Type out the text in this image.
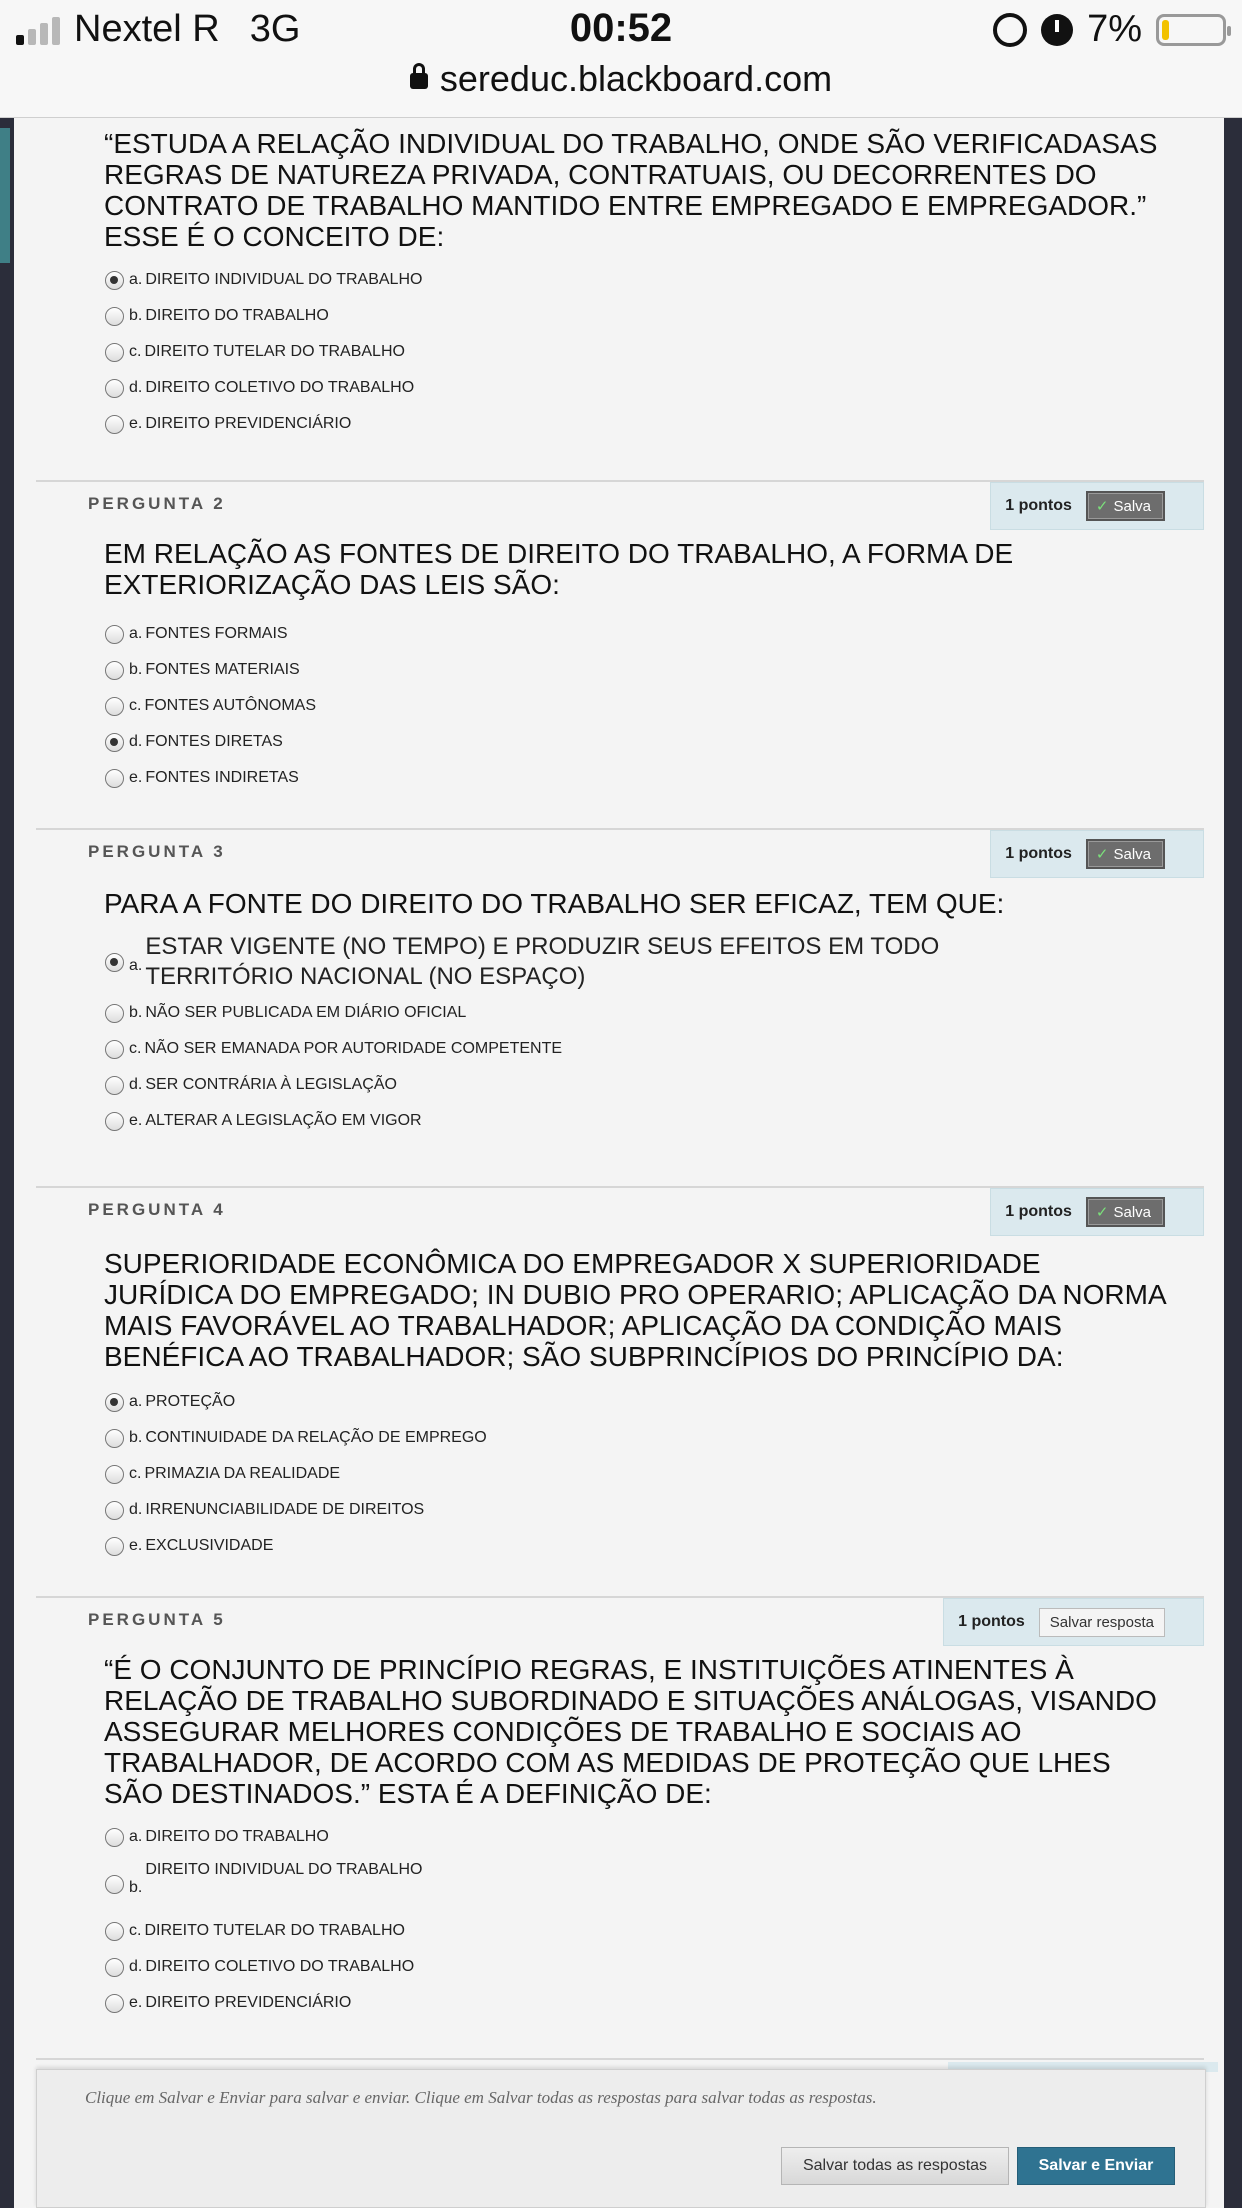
Nextel R 3G	00:52	7%
sereduc.blackboard.com
“ESTUDA A RELAÇÃO INDIVIDUAL DO TRABALHO, ONDE SÃO VERIFICADASAS REGRAS DE NATUREZA PRIVADA, CONTRATUAIS, OU DECORRENTES DO CONTRATO DE TRABALHO MANTIDO ENTRE EMPREGADO E EMPREGADOR.” ESSE É O CONCEITO DE:
a. DIREITO INDIVIDUAL DO TRABALHO
b. DIREITO DO TRABALHO
c. DIREITO TUTELAR DO TRABALHO
d. DIREITO COLETIVO DO TRABALHO
e. DIREITO PREVIDENCIÁRIO
PERGUNTA 2	1 pontos	✓ Salva
EM RELAÇÃO AS FONTES DE DIREITO DO TRABALHO, A FORMA DE EXTERIORIZAÇÃO DAS LEIS SÃO:
a. FONTES FORMAIS
b. FONTES MATERIAIS
c. FONTES AUTÔNOMAS
d. FONTES DIRETAS
e. FONTES INDIRETAS
PERGUNTA 3	1 pontos	✓ Salva
PARA A FONTE DO DIREITO DO TRABALHO SER EFICAZ, TEM QUE:
a.
ESTAR VIGENTE (NO TEMPO) E PRODUZIR SEUS EFEITOS EM TODO TERRITÓRIO NACIONAL (NO ESPAÇO)
b. NÃO SER PUBLICADA EM DIÁRIO OFICIAL
c. NÃO SER EMANADA POR AUTORIDADE COMPETENTE
d. SER CONTRÁRIA À LEGISLAÇÃO
e. ALTERAR A LEGISLAÇÃO EM VIGOR
PERGUNTA 4	1 pontos	✓ Salva
SUPERIORIDADE ECONÔMICA DO EMPREGADOR X SUPERIORIDADE JURÍDICA DO EMPREGADO; IN DUBIO PRO OPERARIO; APLICAÇÃO DA NORMA MAIS FAVORÁVEL AO TRABALHADOR; APLICAÇÃO DA CONDIÇÃO MAIS BENÉFICA AO TRABALHADOR; SÃO SUBPRINCÍPIOS DO PRINCÍPIO DA:
a. PROTEÇÃO
b. CONTINUIDADE DA RELAÇÃO DE EMPREGO
c. PRIMAZIA DA REALIDADE
d. IRRENUNCIABILIDADE DE DIREITOS
e. EXCLUSIVIDADE
PERGUNTA 5	1 pontos	Salvar resposta
“É O CONJUNTO DE PRINCÍPIO REGRAS, E INSTITUIÇÕES ATINENTES À RELAÇÃO DE TRABALHO SUBORDINADO E SITUAÇÕES ANÁLOGAS, VISANDO ASSEGURAR MELHORES CONDIÇÕES DE TRABALHO E SOCIAIS AO TRABALHADOR, DE ACORDO COM AS MEDIDAS DE PROTEÇÃO QUE LHES SÃO DESTINADOS.” ESTA É A DEFINIÇÃO DE:
a. DIREITO DO TRABALHO
b.
DIREITO INDIVIDUAL DO TRABALHO
c. DIREITO TUTELAR DO TRABALHO
d. DIREITO COLETIVO DO TRABALHO
e. DIREITO PREVIDENCIÁRIO
Clique em Salvar e Enviar para salvar e enviar. Clique em Salvar todas as respostas para salvar todas as respostas.
Salvar todas as respostas	Salvar e Enviar
